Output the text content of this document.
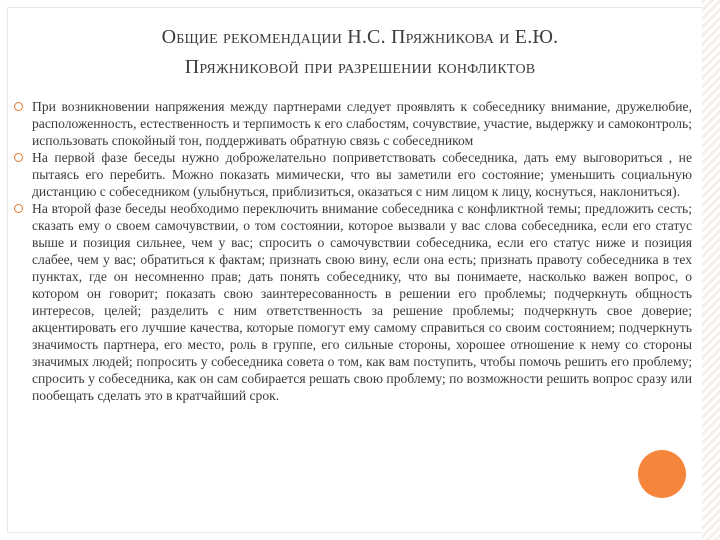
Общие рекомендации Н.С. Пряжникова и Е.Ю.
Пряжниковой при разрешении конфликтов

При возникновении напряжения между партнерами следует проявлять к собеседнику внимание, дружелюбие, расположенность, естественность и терпимость к его слабостям, сочувствие, участие, выдержку и самоконтроль; использовать спокойный тон, поддерживать обратную связь с собеседником

На первой фазе беседы нужно доброжелательно поприветствовать собеседника, дать ему выговориться , не пытаясь его перебить. Можно показать мимически, что вы заметили его состояние; уменьшить социальную дистанцию с собеседником (улыбнуться, приблизиться, оказаться с ним лицом к лицу, коснуться, наклониться).

На второй фазе беседы необходимо переключить внимание собеседника с конфликтной темы; предложить сесть; сказать ему о своем самочувствии, о том состоянии, которое вызвали у вас слова собеседника, если его статус выше и позиция сильнее, чем у вас; спросить о самочувствии собеседника, если его статус ниже и позиция слабее, чем у вас; обратиться к фактам; признать свою вину, если она есть; признать правоту собеседника в тех пунктах, где он несомненно прав; дать понять собеседнику, что вы понимаете, насколько важен вопрос, о котором он говорит; показать свою заинтересованность в решении его проблемы; подчеркнуть общность интересов, целей; разделить с ним ответственность за решение проблемы; подчеркнуть свое доверие; акцентировать его лучшие качества, которые помогут ему самому справиться со своим состоянием; подчеркнуть значимость партнера, его место, роль в группе, его сильные стороны, хорошее отношение к нему со стороны значимых людей; попросить у собеседника совета о том, как вам поступить, чтобы помочь решить его проблему; спросить у собеседника, как он сам собирается решать свою проблему; по возможности решить вопрос сразу или пообещать сделать это в кратчайший срок.
